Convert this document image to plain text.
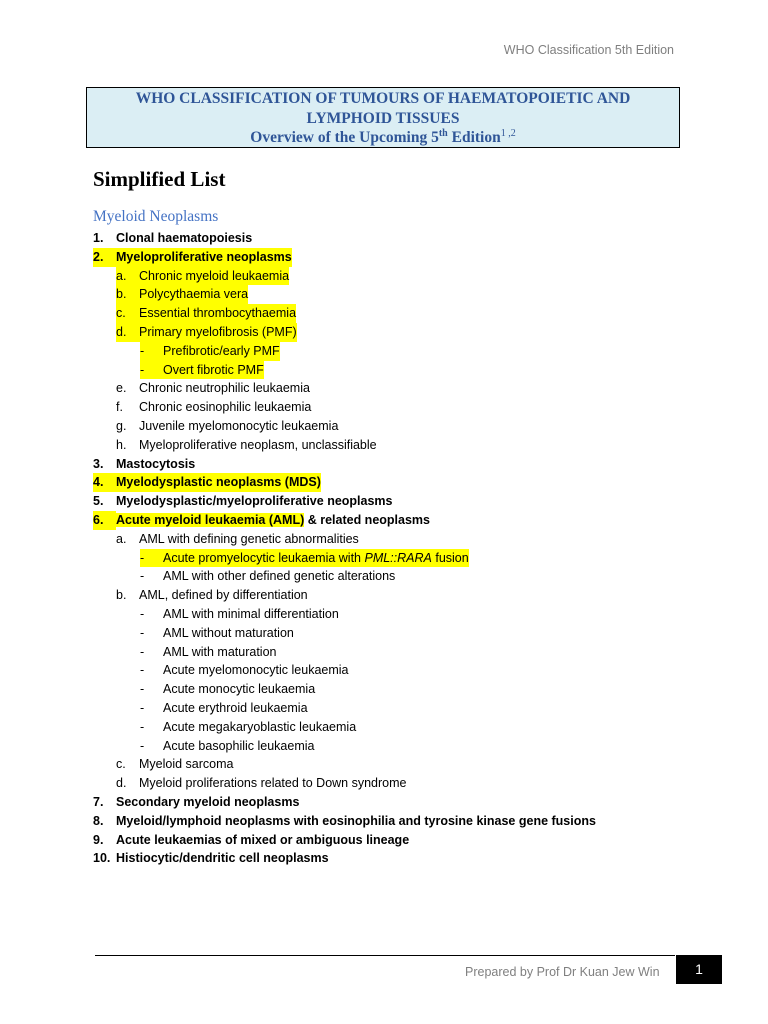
WHO Classification 5th Edition
WHO CLASSIFICATION OF TUMOURS OF HAEMATOPOIETIC AND
LYMPHOID TISSUES
Overview of the Upcoming 5th Edition$^{1 ,2}$
Simplified List
Myeloid Neoplasms
1. Clonal haematopoiesis
2.	Myeloproliferative neoplasms
a.	Chronic myeloid leukaemia
b.	Polycythaemia vera
c.	Essential thrombocythaemia
d.	Primary myelofibrosis (PMF)
-	Prefibrotic/early PMF
-	Overt fibrotic PMF
e. Chronic neutrophilic leukaemia
f. Chronic eosinophilic leukaemia
g. Juvenile myelomonocytic leukaemia
h. Myeloproliferative neoplasm, unclassifiable
3. Mastocytosis
4.	Myelodysplastic neoplasms (MDS)
5. Myelodysplastic/myeloproliferative neoplasms
6.	Acute myeloid leukaemia (AML) & related neoplasms
a. AML with defining genetic abnormalities
-	Acute promyelocytic leukaemia with PML::RARA fusion
- AML with other defined genetic alterations
b. AML, defined by differentiation
- AML with minimal differentiation
- AML without maturation
- AML with maturation
- Acute myelomonocytic leukaemia
- Acute monocytic leukaemia
- Acute erythroid leukaemia
- Acute megakaryoblastic leukaemia
- Acute basophilic leukaemia
c. Myeloid sarcoma
d. Myeloid proliferations related to Down syndrome
7. Secondary myeloid neoplasms
8. Myeloid/lymphoid neoplasms with eosinophilia and tyrosine kinase gene fusions
9. Acute leukaemias of mixed or ambiguous lineage
10. Histiocytic/dendritic cell neoplasms
Prepared by Prof Dr Kuan Jew Win	1
